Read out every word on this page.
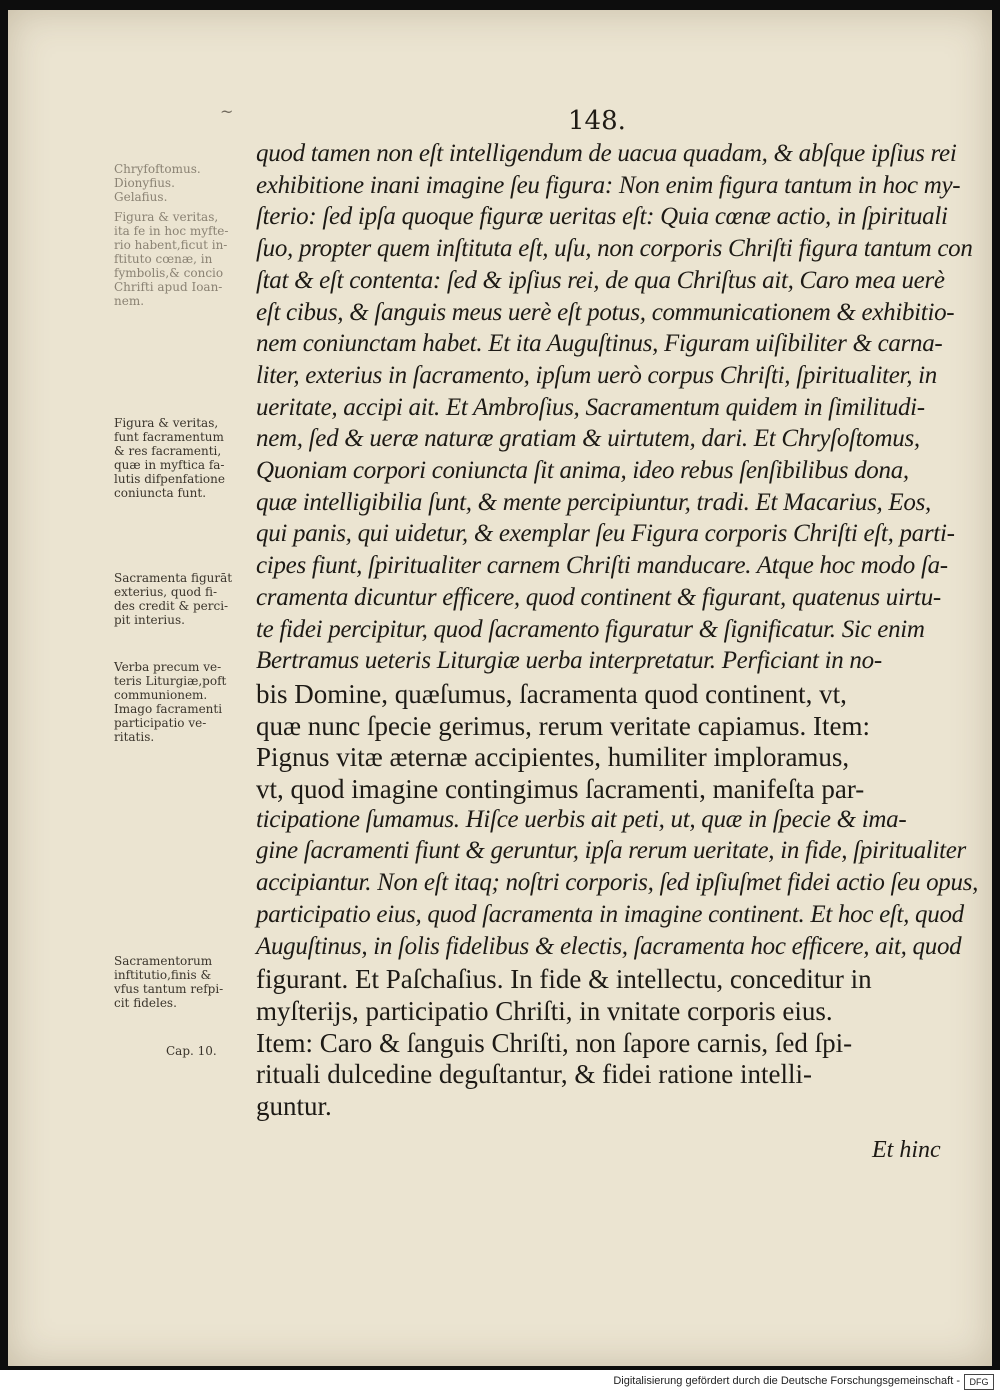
~	148.
Chryfoftomus.
Dionyfius.
Gelafius.
Figura & veritas,
ita fe in hoc myfte-
rio habent,ficut in-
ftituto cœnæ, in
fymbolis,& concio
Chrifti apud Ioan-
nem.
Figura & veritas,
funt facramentum
& res facramenti,
quæ in myftica fa-
lutis difpenfatione
coniuncta funt.
Sacramenta figurāt
exterius, quod fi-
des credit & perci-
pit interius.
Verba precum ve-
teris Liturgiæ,poft
communionem.
Imago facramenti
participatio ve-
ritatis.
Sacramentorum
inftitutio,finis &
vfus tantum refpi-
cit fideles.
Cap. 10.
quod tamen non eſt intelligendum de uacua quadam, & abſque ipſius rei
exhibitione inani imagine ſeu figura: Non enim figura tantum in hoc my-
ſterio: ſed ipſa quoque figuræ ueritas eſt: Quia cœnæ actio, in ſpirituali
ſuo, propter quem inſtituta eſt, uſu, non corporis Chriſti figura tantum con
ſtat & eſt contenta: ſed & ipſius rei, de qua Chriſtus ait, Caro mea uerè
eſt cibus, & ſanguis meus uerè eſt potus, communicationem & exhibitio-
nem coniunctam habet. Et ita Auguſtinus, Figuram uiſibiliter & carna-
liter, exterius in ſacramento, ipſum uerò corpus Chriſti, ſpiritualiter, in
ueritate, accipi ait. Et Ambroſius, Sacramentum quidem in ſimilitudi-
nem, ſed & ueræ naturæ gratiam & uirtutem, dari. Et Chryſoſtomus,
Quoniam corpori coniuncta ſit anima, ideo rebus ſenſibilibus dona,
quæ intelligibilia ſunt, & mente percipiuntur, tradi. Et Macarius, Eos,
qui panis, qui uidetur, & exemplar ſeu Figura corporis Chriſti eſt, parti-
cipes fiunt, ſpiritualiter carnem Chriſti manducare. Atque hoc modo ſa-
cramenta dicuntur efficere, quod continent & figurant, quatenus uirtu-
te fidei percipitur, quod ſacramento figuratur & ſignificatur. Sic enim
Bertramus ueteris Liturgiæ uerba interpretatur. Perficiant in no-
bis Domine, quæſumus, ſacramenta quod continent, vt,
quæ nunc ſpecie gerimus, rerum veritate capiamus. Item:
Pignus vitæ æternæ accipientes, humiliter imploramus,
vt, quod imagine contingimus ſacramenti, manifeſta par-
ticipatione ſumamus. Hiſce uerbis ait peti, ut, quæ in ſpecie & ima-
gine ſacramenti fiunt & geruntur, ipſa rerum ueritate, in fide, ſpiritualiter
accipiantur. Non eſt itaq; noſtri corporis, ſed ipſiuſmet fidei actio ſeu opus,
participatio eius, quod ſacramenta in imagine continent. Et hoc eſt, quod
Auguſtinus, in ſolis fidelibus & electis, ſacramenta hoc efficere, ait, quod
figurant. Et Paſchaſius. In fide & intellectu, conceditur in
myſterijs, participatio Chriſti, in vnitate corporis eius.
Item: Caro & ſanguis Chriſti, non ſapore carnis, ſed ſpi-
rituali dulcedine deguſtantur, & fidei ratione intelli-
guntur.
Et hinc
Digitalisierung gefördert durch die Deutsche Forschungsgemeinschaft -	DFG
